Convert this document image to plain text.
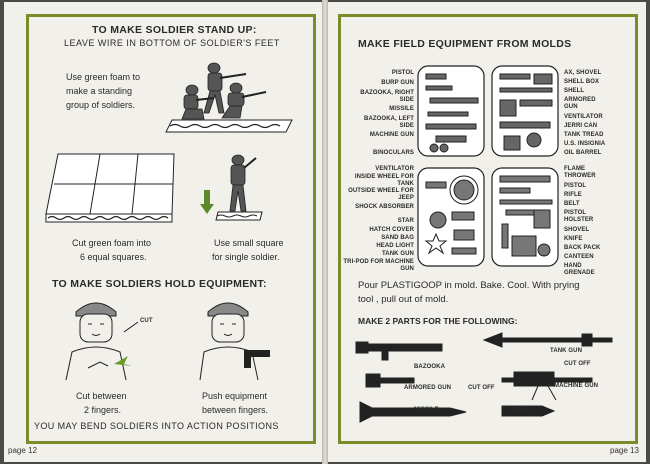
TO MAKE SOLDIER STAND UP:
LEAVE WIRE IN BOTTOM OF SOLDIER'S FEET
Use green foam to
make a standing
group of soldiers.
Cut green foam into
6 equal squares.
Use small square
for single soldier.
TO MAKE SOLDIERS HOLD EQUIPMENT:
CUT
Cut between
2 fingers.
Push equipment
between fingers.
YOU MAY BEND SOLDIERS INTO ACTION POSITIONS
page 12
MAKE FIELD EQUIPMENT FROM MOLDS
PISTOL
BURP GUN
BAZOOKA, RIGHT SIDE
MISSILE
BAZOOKA, LEFT SIDE
MACHINE GUN
BINOCULARS
AX, SHOVEL
SHELL BOX
SHELL
ARMORED GUN
VENTILATOR
JERRI CAN
TANK TREAD
U.S. INSIGNIA
OIL BARREL
VENTILATOR
INSIDE WHEEL FOR TANK
OUTSIDE WHEEL FOR JEEP
SHOCK ABSORBER
STAR
HATCH COVER
SAND BAG
HEAD LIGHT
TANK GUN
TRI-POD FOR MACHINE GUN
FLAME THROWER
PISTOL
RIFLE
BELT
PISTOL HOLSTER
SHOVEL
KNIFE
BACK PACK
CANTEEN
HAND GRENADE
Pour PLASTIGOOP in mold. Bake. Cool. With prying
tool , pull out of mold.
MAKE 2 PARTS FOR THE FOLLOWING:
BAZOOKA
TANK GUN
CUT OFF
ARMORED GUN	CUT OFF	MACHINE GUN
MISSILE	SHELL
page 13
